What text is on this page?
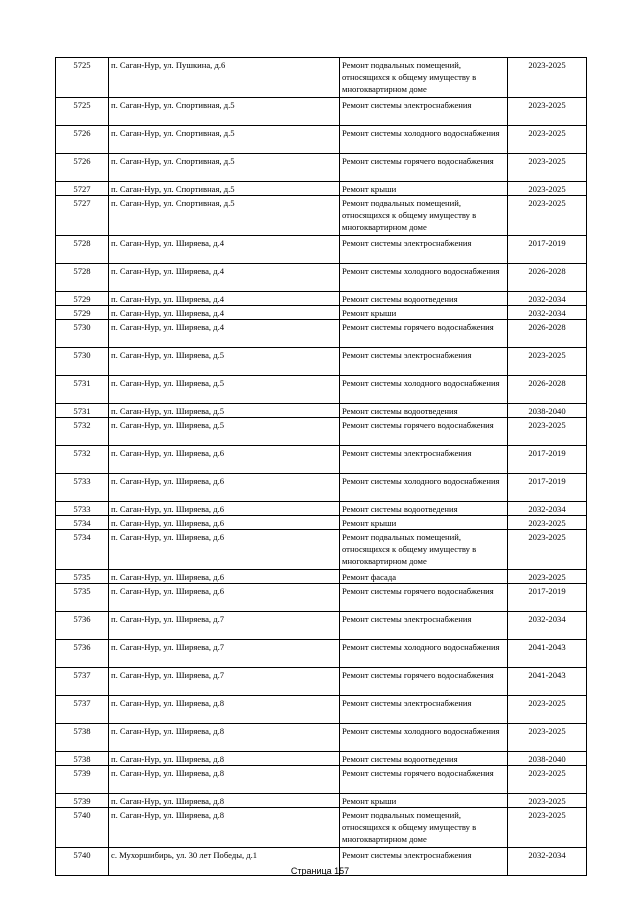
5725	п. Саган-Нур, ул. Пушкина, д.6	Ремонт подвальных помещений, относящихся к общему имуществу в многоквартирном доме	2023-2025
5725	п. Саган-Нур, ул. Спортивная, д.5	Ремонт системы электроснабжения	2023-2025
5726	п. Саган-Нур, ул. Спортивная, д.5	Ремонт системы холодного водоснабжения	2023-2025
5726	п. Саган-Нур, ул. Спортивная, д.5	Ремонт системы горячего водоснабжения	2023-2025
5727	п. Саган-Нур, ул. Спортивная, д.5	Ремонт крыши	2023-2025
5727	п. Саган-Нур, ул. Спортивная, д.5	Ремонт подвальных помещений, относящихся к общему имуществу в многоквартирном доме	2023-2025
5728	п. Саган-Нур, ул. Ширяева, д.4	Ремонт системы электроснабжения	2017-2019
5728	п. Саган-Нур, ул. Ширяева, д.4	Ремонт системы холодного водоснабжения	2026-2028
5729	п. Саган-Нур, ул. Ширяева, д.4	Ремонт системы водоотведения	2032-2034
5729	п. Саган-Нур, ул. Ширяева, д.4	Ремонт крыши	2032-2034
5730	п. Саган-Нур, ул. Ширяева, д.4	Ремонт системы горячего водоснабжения	2026-2028
5730	п. Саган-Нур, ул. Ширяева, д.5	Ремонт системы электроснабжения	2023-2025
5731	п. Саган-Нур, ул. Ширяева, д.5	Ремонт системы холодного водоснабжения	2026-2028
5731	п. Саган-Нур, ул. Ширяева, д.5	Ремонт системы водоотведения	2038-2040
5732	п. Саган-Нур, ул. Ширяева, д.5	Ремонт системы горячего водоснабжения	2023-2025
5732	п. Саган-Нур, ул. Ширяева, д.6	Ремонт системы электроснабжения	2017-2019
5733	п. Саган-Нур, ул. Ширяева, д.6	Ремонт системы холодного водоснабжения	2017-2019
5733	п. Саган-Нур, ул. Ширяева, д.6	Ремонт системы водоотведения	2032-2034
5734	п. Саган-Нур, ул. Ширяева, д.6	Ремонт крыши	2023-2025
5734	п. Саган-Нур, ул. Ширяева, д.6	Ремонт подвальных помещений, относящихся к общему имуществу в многоквартирном доме	2023-2025
5735	п. Саган-Нур, ул. Ширяева, д.6	Ремонт фасада	2023-2025
5735	п. Саган-Нур, ул. Ширяева, д.6	Ремонт системы горячего водоснабжения	2017-2019
5736	п. Саган-Нур, ул. Ширяева, д.7	Ремонт системы электроснабжения	2032-2034
5736	п. Саган-Нур, ул. Ширяева, д.7	Ремонт системы холодного водоснабжения	2041-2043
5737	п. Саган-Нур, ул. Ширяева, д.7	Ремонт системы горячего водоснабжения	2041-2043
5737	п. Саган-Нур, ул. Ширяева, д.8	Ремонт системы электроснабжения	2023-2025
5738	п. Саган-Нур, ул. Ширяева, д.8	Ремонт системы холодного водоснабжения	2023-2025
5738	п. Саган-Нур, ул. Ширяева, д.8	Ремонт системы водоотведения	2038-2040
5739	п. Саган-Нур, ул. Ширяева, д.8	Ремонт системы горячего водоснабжения	2023-2025
5739	п. Саган-Нур, ул. Ширяева, д.8	Ремонт крыши	2023-2025
5740	п. Саган-Нур, ул. Ширяева, д.8	Ремонт подвальных помещений, относящихся к общему имуществу в многоквартирном доме	2023-2025
5740	с. Мухоршибирь, ул. 30 лет Победы, д.1	Ремонт системы электроснабжения	2032-2034
Страница 157
